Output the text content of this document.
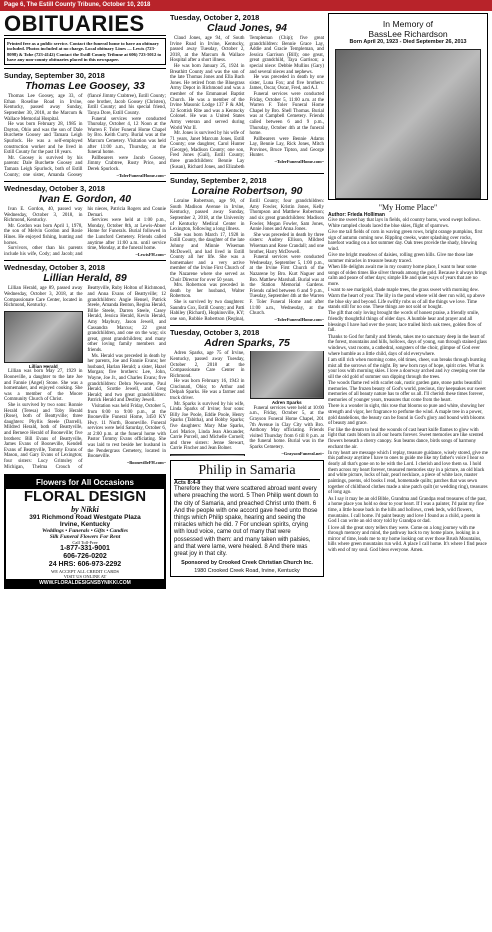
Page 6, The Estill County Tribune, October 10, 2018
OBITUARIES
Printed free as a public service. Contact the funeral home to have an obituary included. Photos included at no charge. Local obituary Lines — Lewis (723-8098) & Tobe (723-4142) Contact the Estill County Tribune at 606) 723-5012 to have any non-county obituaries placed in this newspaper.
Sunday, September 30, 2018
Thomas Lee Goosey, 33

Thomas Lee Goosey, age 33, of Ethan Roseline Road in Irvine, Kentucky, passed away Sunday, September 30, 2018, at the Marcum & Wallace Memorial Hospital.

He was born February 28, 1985 in Dayton, Ohio and was the son of Dale Burchette Goosey and Tamara Leigh Spurlock. He was a self-employed construction worker and he lived in Estill County for the past 18 years.

Mr. Goosey is survived by his parents: Dale Burchette Goosey and Tamara Leigh Spurlock, both of Estill County; one sister, Amanda Goosey (fiancé Jimmy Crabtree), Estill County; one brother, Jacob Goosey (Christen), Estill County; and his special friend, Tanya Dore, Estill County.

Funeral services were conducted Thursday, October 4, 12 Noon at the Warren F. Toler Funeral Home Chapel by Bro. Keith Curry. Burial was at the Marcum Cemetery. Visitation was held after 11:00 a.m., Thursday, at the funeral home.

Pallbearers were Jacob Goosey, Jimmy Crabtree, Rusty Price, and Derek Spurlock.

~TolerFuneralHome.com~
Wednesday, October 3, 2018
Ivan E. Gordon, 40

Ivan E. Gordon, 40, passed way Wednesday, October 3, 2018, in Richmond, Kentucky.

Mr. Gordon was born April 1, 1978, the son of Melvin Gordon and Rosie Hines. He enjoyed fishing, hunting and horses.

Survivors, other than his parents include his wife, Cody; and Jacob; and his nieces, Patricia Rogers and Connie Demari.

Services were held at 1:00 p.m., Monday, October 8th, at Lewis-Abner Home for Funerals. Burial followed in the Lunsford Cemetery. Friends called anytime after 11:00 a.m. until service time, Monday, at the funeral home.

~LewisFH.com~
Wednesday, October 3, 2018
Lillian Herald, 89

Lillian Herald, age 89, passed away Wednesday, October 3, 2018, at the Compassionate Care Center, located in Richmond, Kentucky.

Lillian Herald

Lillian was born May 27, 1929 in Booneville, a daughter to the late Joe and Fannie (Angel) Stone. She was a homemaker, and enjoyed cooking. She was a member of the Moore Community Church of Christ.

She is survived by two sons: Ronnie Herald (Teresa) and Toby Herald (Rose), both of Beattyville; three daughters: Phyllis Steele (Darrell), Mildred Herald, both of Beattyville, and Bernece Herald of Booneville; five brothers: Bill Evans of Beattyville, James Evans of Booneville, Kendell Evans of Beattyville, Tommy Evans of Mason, and Gary Evans of Lexington; four sisters: Lucy Grimsley of Michigan, Thelma Crouch of Beattyville, Ruby Holton of Richmond, and Anna Evans of Beattyville; 12 grandchildren: Angie Hensel, Patrick Steele, Amanda Benton, Regina Herald, Billie Steele, Darren Steele, Casey Herald, Jessica Herald, Kevin Herald, Amy Maybury, Jason Jewell, and Cassandra Marcus; 22 great grandchildren, and one on the way; six great, great grandchildren; and many other loving family members and friends.

Ms. Herald was preceded in death by her parents, Joe and Fannie Evans; her husband, Harlan Herald; a sister, Hazel Morgan; five brothers: Lee, John, Wayne, Joe Jr., and Charles Evans; five grandchildren: Debra Newsome, Paul Herald, Scottie Jewell, and Greg Herald; and two great grandchildren: Patrick Herald and Destiny Jewell.

Visitation was held Friday, October 5, from 6:00 to 9:00 p.m., at the Booneville Funeral Home, 3450 KY Hwy. 11 North, Booneville. Funeral services were held Saturday, October 6, at 2:00 p.m. at the funeral home with Pastor Tommy Evans officiating. She was laid to rest beside her husband in the Pendergrass Cemetery, located in Booneville.

~BoonevilleFH.com~
Flowers for All Occasions
FLORAL DESIGN
by Nikki
391 Richmond Road Westgate Plaza
Irvine, Kentucky
Weddings • Funerals • Gifts • Candles
Silk Funeral Flowers For Rent
Call Toll-Free
1-877-331-9001
606-726-0202
24 HRS: 606-973-2292
WE ACCEPT ALL CREDIT CARDS
VISIT US ONLINE AT
WWW.FLORALDESIGNSBYNIKKI.COM
Tuesday, October 2, 2018
Claud Jones, 94

Claud Jones, age 94, of South Irvine Road in Irvine, Kentucky, passed away Tuesday, October 2, 2018, at the Marcum & Wallace Hospital after a short illness.

He was born January 25, 1924 in Breathitt County and was the son of the late Thomas Jones and Ella Bach Jones. He retired from the Bluegrass Army Depot in Richmond and was a member of the Emmanuel Baptist Church. He was a member of the Irvine Masonic Lodge 137 F & AM, 32 Scottish Rite and was a Kentucky Colonel. He was a United States Army veteran and served during World War II.

Mr. Jones is survived by his wife of 71 years, Janet Marcum Jones, Estill County; one daughter, Carol Hunter (George), Madison County; one son, Fred Jones (Gail), Estill County; three grandchildren: Bennie Lay (Susan), Richard Jones, and Elizabeth Templeman (Chip); five great grandchildren: Bennie Grace Lay, Addie and Gracie Templeman, and Jessica Garrison (Bill); one great, great grandchild, Taya Garrison; a special niece: Debbie Mullins (Gary) and several nieces and nephews.

He was preceded in death by one sister, Luna Fox; and five brothers: James, Oscar, Oscar, Fred, and A.J.

Funeral services were conducted Friday, October 5, 11:00 a.m. at the Warren F. Toler Funeral Home Chapel by Bro. Shell Thomas. Burial was at Campbell Cemetery. Friends called between 6 and 9 p.m., Thursday, October 4th at the funeral home.

Pallbearers were Bennie Adams Lay, Bennie Lay, Rick Jones, Mitch Provines, Bruce Tipton, and George Hunter.

~TolerFuneralHome.com~
Sunday, September 2, 2018
Loraine Robertson, 90

Loraine Robertson, age 90, of South Madison Avenue in Irvine, Kentucky, passed away Sunday, September 2, 2018, at the University of Kentucky Medical Center in Lexington, following a long illness.

She was born March 17, 1928 in Estill County, the daughter of the late Johnny and Minnie Wiseman McDowell, and had lived in Estill County all her life. She was a homemaker and a very active member of the Irvine First Church of the Nazarene where she served as Choir Director for over 50 years.

Mrs. Robertson was preceded in death by her husband, Walter Robertson.

She is survived by two daughters: Saundra Cox, Estill County; and Patti Habiley (Richard), Hopkinsville, KY; one son, Robbie Robertson (Regina), Estill County; four grandchildren: Amy Fowler, Kristin Jones, Kelly Thompson and Matthew Robertson; and six great grandchildren: Madison Fowler, Megan Fowler, Sam Jones, Annie Jones and Anna Jones.

She was preceded in death by three sisters: Audrey Ellison, Mildred Wiseman and Rose Crandall; and one brother, Harry McDowell.

Funeral services were conducted Wednesday, September 5, 1:00 p.m., at the Irvine First Church of the Nazarene by Bro. Kurt Naguer and Bro. Matthew Marshall. Burial was at the Station Memorial Gardens. Friends called between 6 and 9 p.m., Tuesday, September 4th at the Warren F. Toler Funeral Home and after 11:00 a.m., Wednesday, at the Church.

~TolerFuneralHome.com~
Tuesday, October 3, 2018
Adren Sparks, 75

Adren Sparks, age 75 of Irvine, Kentucky, passed away Tuesday, October 2, 2018 at the Compassionate Care Center in Richmond.

He was born February 16, 1943 in Cincinnati, Ohio; to Arthur and Delpah Sparks. He was a farmer and truck driver.

Mr. Sparks is survived by his wife, Linda Sparks of Irvine; four sons: Billy Joe Poole, Eddie Poole, Henry Sparks (Tabitha), and Bobby Sparks; five daughters: Mary Mae Sparks, Lori Marice, Linda Jean Alexander, Carrie Purcell, and Michelle Cornell; and three sisters: Jenne Stewart, Carrie Fincher and Jean Bolner.

Adren Sparks

Funeral services were held at 10:00 a.m., Friday, October 5, at the Grayson Funeral Home Chapel, 201 7th Avenue in Clay City with Bro. Anthony May officiating. Friends visited Thursday from 6 till 8 p.m. at the funeral home. Burial was in the Sparks Cemetery.

~GraysonFuneral.net~
Philip in Samaria
Acts 8:4-8
Therefore they that were scattered abroad went every where preaching the word. 5 Then Philip went down to the city of Samaria, and preached Christ unto them. 6 And the people with one accord gave heed unto those things which Philip spake, hearing and seeing the miracles which he did. 7 For unclean spirits, crying with loud voice, came out of many that were possessed with them: and many taken with palsies, and that were lame, were healed. 8 And there was great joy in that city.
Sponsored by Crooked Creek Christian Church Inc.
1980 Crooked Creek Road, Irvine, Kentucky
In Memory of
BassLee Richardson
Born April 20, 1923 - Died September 26, 2013
"My Home Place"
Author: Frieda Holliman

Give me sweet hay that lays in fields, old country barns, wood swept hollows. White rampled clouds laced the blue skies, flight of sparrows.

Give me tall fields of corn in waving green rows, bright orange pumpkins, first sign of autumn coming now. Rippling creeks, water splashing over rocks, barefoot wading on a hot summer day. Oak trees provide the shady, blowing wind.

Give me bright meadows of daisies, rolling green hills. Give me those late summer miracles in treasure beauty traced.

When life delights await me in my country home place, I want to hear some songs of olden times like silver threads among the gold. Because it always brings calm and peace of other days; simple life and quiet ways of years that are no more.

I want to see marigold, shade maple trees, the grass sweet with morning dew. Warm the heart of your. The lily in the pond where wild deer run wild, up above the blue sky and beyond. Life swiftly robs us of all the things we love. Time stands still for no one. These things are not sold or bought.

The gift that only loving brought the words of honest praise, a friendly smile, friendly thoughtful things of older days. A humble hear and prayer and all blessings I have had over the years; lace trailed birch oak trees, golden flow of fall.

Thanks to God for family and friends, takes me to sanctuary deep in the heart of the forest, mountains and hills, hollows, days of young, sun through stained glass windows, vast rooms, a cathedral, songsters of the choir, glimpse of God ever where humble as a little child, days of old everywhere.

I am still rich when morning come, old times, cheer, sun breaks through bursting mist all the sorrows of the night. By new born rays of hope, spirit cries. What is your loss with morning skies. I love a doorway arched and ivy creeping over the sill the old gold of summer sun dipping through the trees.

The woods flame red with scarlet oak, rustic garden gate, stone paths beautiful memories. The frozen beauty of God's world, precious, tiny keepsakes our sweet memories of all beauty nature has to offer us all. I'll cherish these times forever, memories of younger years, treasures that come from the heart.

There is a wonder in sight, this rose that blooms so pure and white, showing her strength and vigor, her fragrance to perfume the wind. A maple tree in a power, gold dandelions, the beauty can be found in God's glory and bound with blooms of beauty and grace.

For like the dream to heal the wounds of cast heart knife flames to glow with light that casts bloom in all our hearts forever. Sweet memories are like scented flowers beneath a cherry canopy. Sun beams dance, birds songs of harmony enchant the air.

In my heart are message which I replay, treasure guidance, wisely stored, give me this pathway anytime I have to ones to guide me like my father's voice I hear so dearly all that's gone on to be with the Lord. I cherish and love them so. I hold them across my heart forever, treasured memories stay in a picture, an old black and white picture, locks of hair, pearl necklace, a piece of white lace, master paintings, poems, old books I read, homemade quilts; patches that was sewn together of childhood clothes made a nine patch quilt (or wedding ring), treasures of long ago.

As I say it may be an old Bible, Grandma and Grandpa read treasures of the past, a home place you hold so dear to your heart. If I was a painter, I'd paint my fine time, a little house back in the hills and hollows, creek beds, wild flowers, mountains. I call home. I'd paint beauty and love I found as a child, a poem in God I can write an old story told by Grandpa or dad.

I love all the great story tellers they were. Come on a long journey with me through memory and mind, the pathway back to my home place, looking in a mirror of time, leads me to my home looking out over those Brush Mountains, hills where green mountains run wild. A place I call home. It's where I find peace with end of my soul. God bless everyone. Amen.
